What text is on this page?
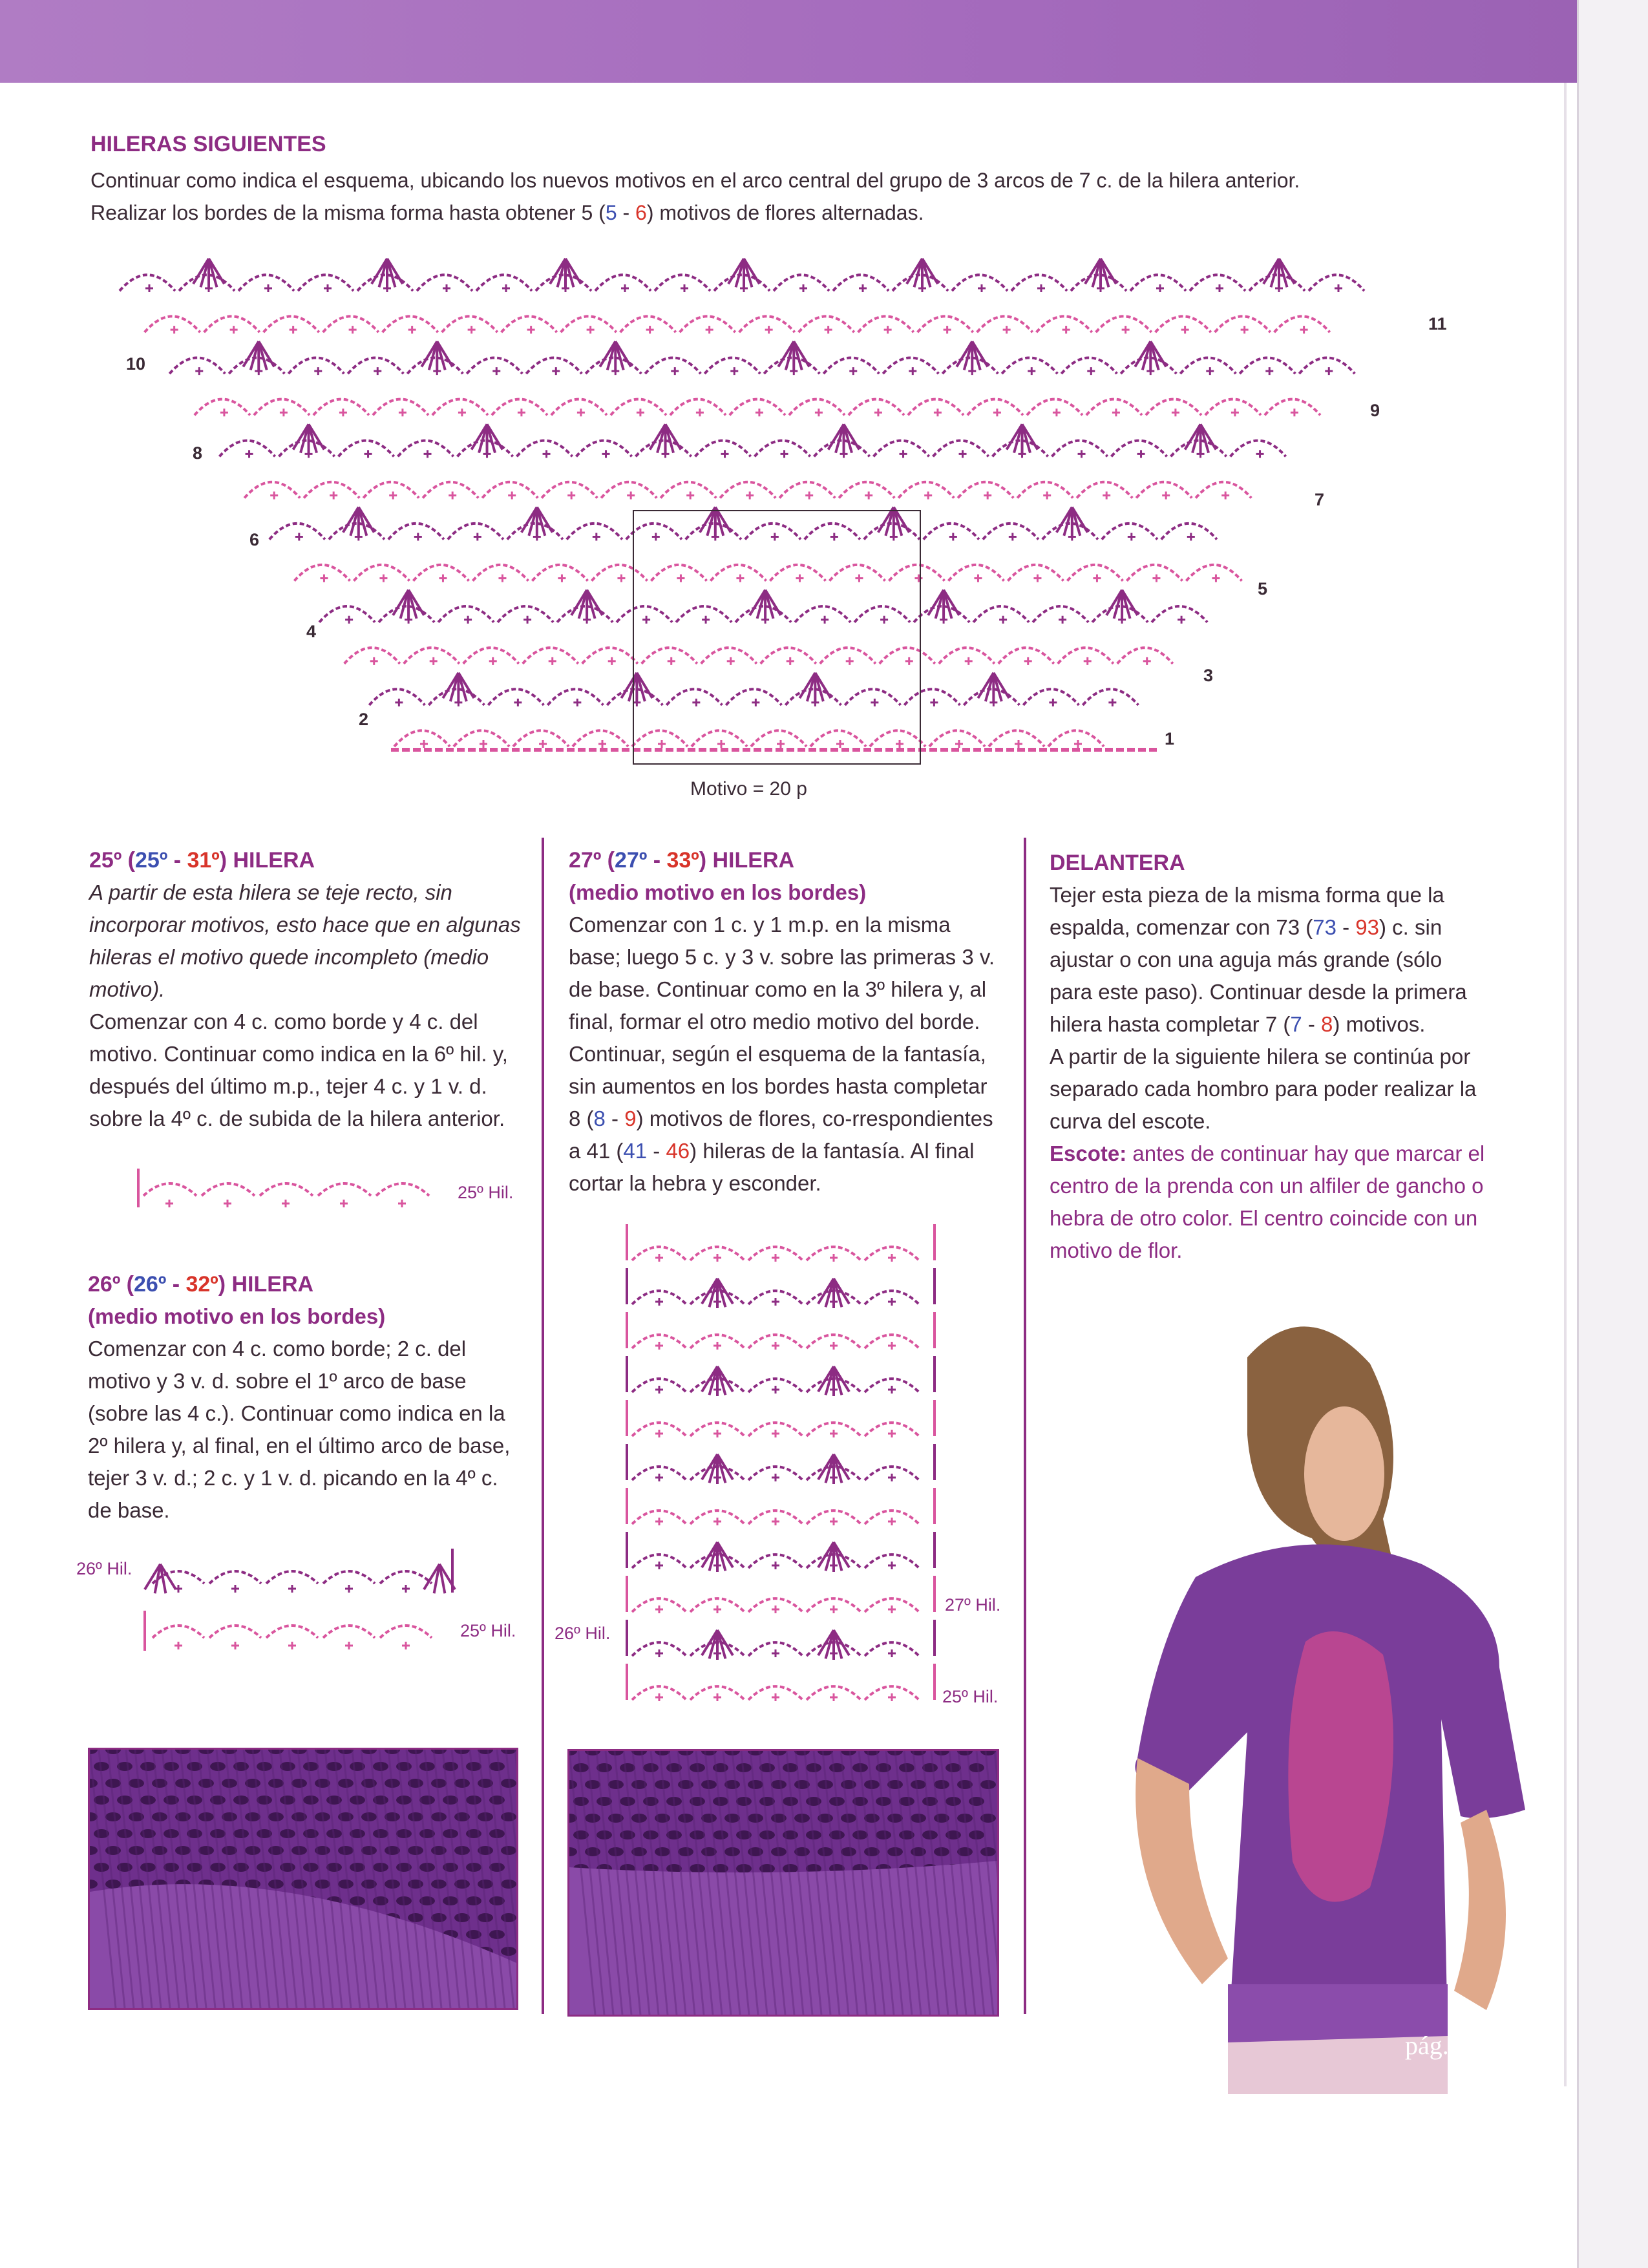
HILERAS SIGUIENTES
Continuar como indica el esquema, ubicando los nuevos motivos en el arco central del grupo de 3 arcos de 7 c. de la hilera anterior.
Realizar los bordes de la misma forma hasta obtener 5 (5 - 6) motivos de flores alternadas.
10
8
6
4
2
11
9
7
5
3
1
Motivo = 20 p
25º (25º - 31º) HILERA
A partir de esta hilera se teje recto, sin incorporar motivos, esto hace que en algunas hileras el motivo quede incompleto (medio motivo).
Comenzar con 4 c. como borde y 4 c. del motivo. Continuar como indica en la 6º hil. y, después del último m.p., tejer 4 c. y 1 v. d. sobre la 4º c. de subida de la hilera anterior.
25º Hil.
26º (26º - 32º) HILERA
(medio motivo en los bordes)
Comenzar con 4 c. como borde; 2 c. del motivo y 3 v. d. sobre el 1º arco de base (sobre las 4 c.). Continuar como indica en la 2º hilera y, al final, en el último arco de base, tejer 3 v. d.; 2 c. y 1 v. d. picando en la 4º c. de base.
26º Hil.
25º Hil.
27º (27º - 33º) HILERA
(medio motivo en los bordes)
Comenzar con 1 c. y 1 m.p. en la misma base; luego 5 c. y 3 v. sobre las primeras 3 v. de base. Continuar como en la 3º hilera y, al final, formar el otro medio motivo del borde. Continuar, según el esquema de la fantasía, sin aumentos en los bordes hasta completar 8 (8 - 9) motivos de flores, co-rrespondientes a 41 (41 - 46) hileras de la fantasía. Al final cortar la hebra y esconder.
27º Hil.
26º Hil.
25º Hil.
DELANTERA
Tejer esta pieza de la misma forma que la espalda, comenzar con 73 (73 - 93) c. sin ajustar o con una aguja más grande (sólo para este paso). Continuar desde la primera hilera hasta completar 7 (7 - 8) motivos.
A partir de la siguiente hilera se continúa por separado cada hombro para poder realizar la curva del escote.
Escote: antes de continuar hay que marcar el centro de la prenda con un alfiler de gancho o hebra de otro color. El centro coincide con un motivo de flor.
pág. 7
